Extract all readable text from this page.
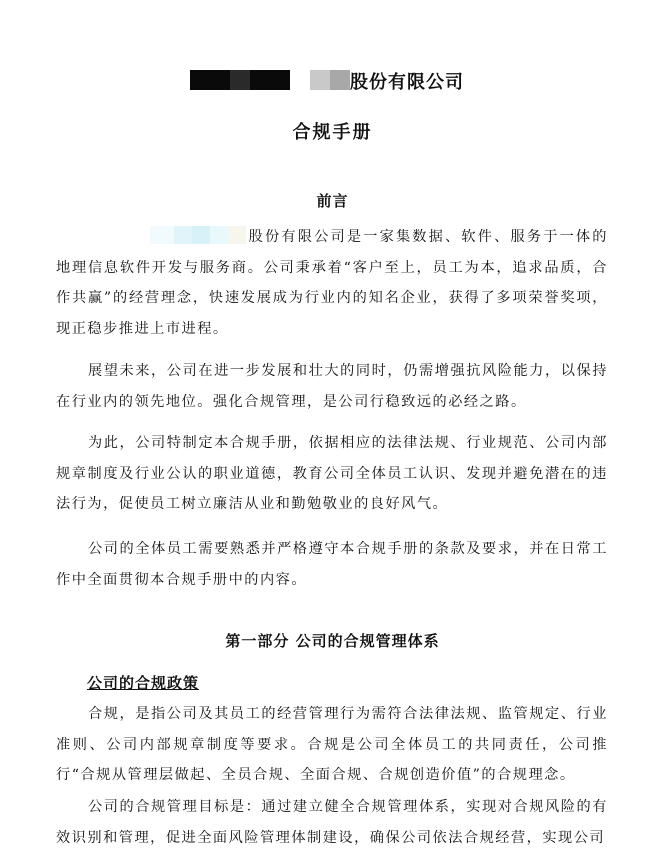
股份有限公司
合规手册
前言

股份有限公司是一家集数据、软件、服务于一体的地理信息软件开发与服务商。公司秉承着“客户至上，员工为本，追求品质，合作共赢”的经营理念，快速发展成为行业内的知名企业，获得了多项荣誉奖项，现正稳步推进上市进程。

展望未来，公司在进一步发展和壮大的同时，仍需增强抗风险能力，以保持在行业内的领先地位。强化合规管理，是公司行稳致远的必经之路。

为此，公司特制定本合规手册，依据相应的法律法规、行业规范、公司内部规章制度及行业公认的职业道德，教育公司全体员工认识、发现并避免潜在的违法行为，促使员工树立廉洁从业和勤勉敬业的良好风气。

公司的全体员工需要熟悉并严格遵守本合规手册的条款及要求，并在日常工作中全面贯彻本合规手册中的内容。

第一部分 公司的合规管理体系
公司的合规政策

合规，是指公司及其员工的经营管理行为需符合法律法规、监管规定、行业准则、公司内部规章制度等要求。合规是公司全体员工的共同责任，公司推行“合规从管理层做起、全员合规、全面合规、合规创造价值”的合规理念。

公司的合规管理目标是：通过建立健全合规管理体系，实现对合规风险的有效识别和管理，促进全面风险管理体制建设，确保公司依法合规经营，实现公司
